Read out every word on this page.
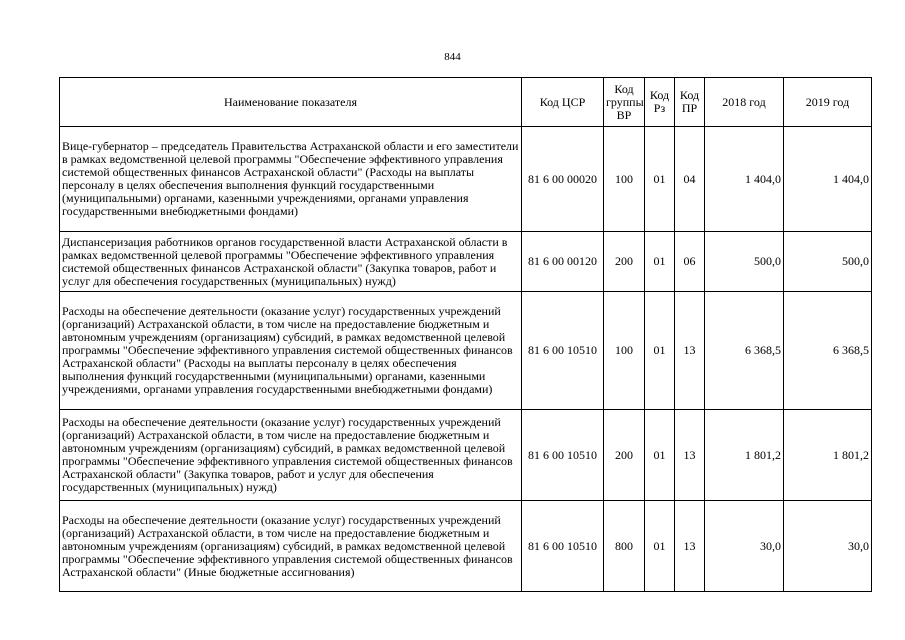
844
Наименование показателя	Код ЦСР	Код группы ВР	Код Рз	Код ПР	2018 год	2019 год
Вице-губернатор – председатель Правительства Астраханской области и его заместители в рамках ведомственной целевой программы "Обеспечение эффективного управления системой общественных финансов Астраханской области" (Расходы на выплаты персоналу в целях обеспечения выполнения функций государственными (муниципальными) органами, казенными учреждениями, органами управления государственными внебюджетными фондами)	81 6 00 00020	100	01	04	1 404,0	1 404,0
Диспансеризация работников органов государственной власти Астраханской области в рамках ведомственной целевой программы "Обеспечение эффективного управления системой общественных финансов Астраханской области" (Закупка товаров, работ и услуг для обеспечения государственных (муниципальных) нужд)	81 6 00 00120	200	01	06	500,0	500,0
Расходы на обеспечение деятельности (оказание услуг) государственных учреждений (организаций) Астраханской области, в том числе на предоставление бюджетным и автономным учреждениям (организациям) субсидий, в рамках ведомственной целевой программы "Обеспечение эффективного управления системой общественных финансов Астраханской области" (Расходы на выплаты персоналу в целях обеспечения выполнения функций государственными (муниципальными) органами, казенными учреждениями, органами управления государственными внебюджетными фондами)	81 6 00 10510	100	01	13	6 368,5	6 368,5
Расходы на обеспечение деятельности (оказание услуг) государственных учреждений (организаций) Астраханской области, в том числе на предоставление бюджетным и автономным учреждениям (организациям) субсидий, в рамках ведомственной целевой программы "Обеспечение эффективного управления системой общественных финансов Астраханской области" (Закупка товаров, работ и услуг для обеспечения государственных (муниципальных) нужд)	81 6 00 10510	200	01	13	1 801,2	1 801,2
Расходы на обеспечение деятельности (оказание услуг) государственных учреждений (организаций) Астраханской области, в том числе на предоставление бюджетным и автономным учреждениям (организациям) субсидий, в рамках ведомственной целевой программы "Обеспечение эффективного управления системой общественных финансов Астраханской области" (Иные бюджетные ассигнования)	81 6 00 10510	800	01	13	30,0	30,0
